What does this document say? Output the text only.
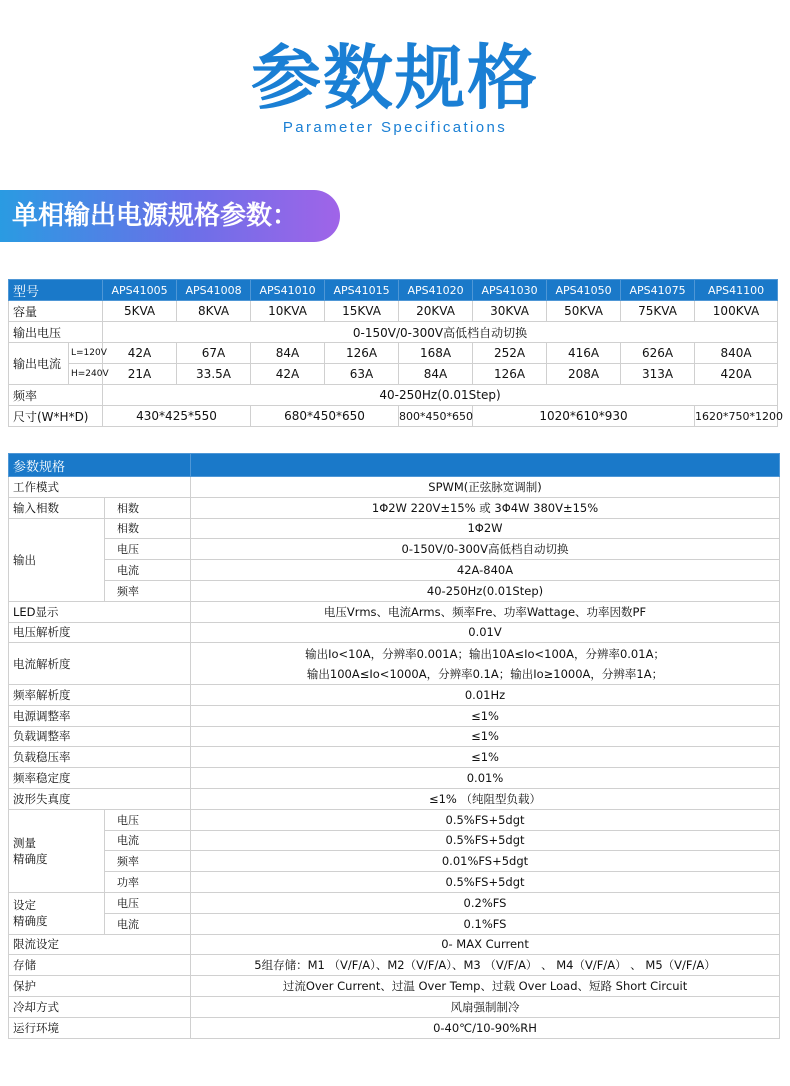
参数规格
Parameter Specifications
单相输出电源规格参数：
型号		APS41005	APS41008	APS41010	APS41015	APS41020	APS41030	APS41050	APS41075	APS41100
容量		5KVA	8KVA	10KVA	15KVA	20KVA	30KVA	50KVA	75KVA	100KVA
输出电压		0-150V/0-300V高低档自动切换								
输出电流	L=120V	42A	67A	84A	126A	168A	252A	416A	626A	840A
	H=240V	21A	33.5A	42A	63A	84A	126A	208A	313A	420A
频率		40-250Hz(0.01Step)								
尺寸(W*H*D)		430*425*550		680*450*650		800*450*650	1020*610*930			1620*750*1200
参数规格		
工作模式		SPWM(正弦脉宽调制)
输入相数	相数	1Φ2W 220V±15% 或 3Φ4W 380V±15%
输出	相数	1Φ2W
	电压	0-150V/0-300V高低档自动切换
	电流	42A-840A
	频率	40-250Hz(0.01Step)
LED显示		电压Vrms、电流Arms、频率Fre、功率Wattage、功率因数PF
电压解析度		0.01V
电流解析度		输出Io<10A，分辨率0.001A；输出10A≤Io<100A，分辨率0.01A；
输出100A≤Io<1000A，分辨率0.1A；输出Io≥1000A，分辨率1A；

频率解析度		0.01Hz
电源调整率		≤1%
负载调整率		≤1%
负载稳压率		≤1%
频率稳定度		0.01%
波形失真度		≤1% （纯阻型负载）

测量
精确度	电压	0.5%FS+5dgt
	电流	0.5%FS+5dgt
	频率	0.01%FS+5dgt
	功率	0.5%FS+5dgt

设定
精确度	电压	0.2%FS
	电流	0.1%FS
限流设定		0- MAX Current
存储		5组存储：M1 （V/F/A）、M2（V/F/A）、M3 （V/F/A） 、 M4（V/F/A） 、 M5（V/F/A）
保护		过流Over Current、过温 Over Temp、过载 Over Load、短路 Short Circuit
冷却方式		风扇强制制冷
运行环境		0-40℃/10-90%RH
